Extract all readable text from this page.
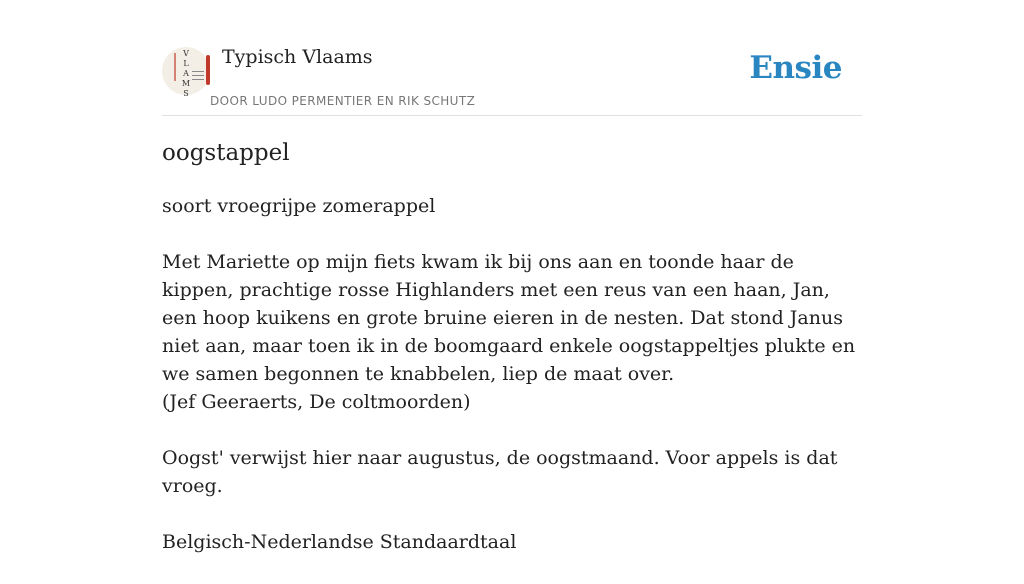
V
L
A
M
S
Typisch Vlaams
DOOR LUDO PERMENTIER EN RIK SCHUTZ
Ensie
oogstappel

soort vroegrijpe zomerappel

Met Mariette op mijn fiets kwam ik bij ons aan en toonde haar de kippen, prachtige rosse Highlanders met een reus van een haan, Jan, een hoop kuikens en grote bruine eieren in de nesten. Dat stond Janus niet aan, maar toen ik in de boomgaard enkele oogstappeltjes plukte en we samen begonnen te knabbelen, liep de maat over.
(Jef Geeraerts, De coltmoorden)

Oogst' verwijst hier naar augustus, de oogstmaand. Voor appels is dat vroeg.

Belgisch-Nederlandse Standaardtaal
